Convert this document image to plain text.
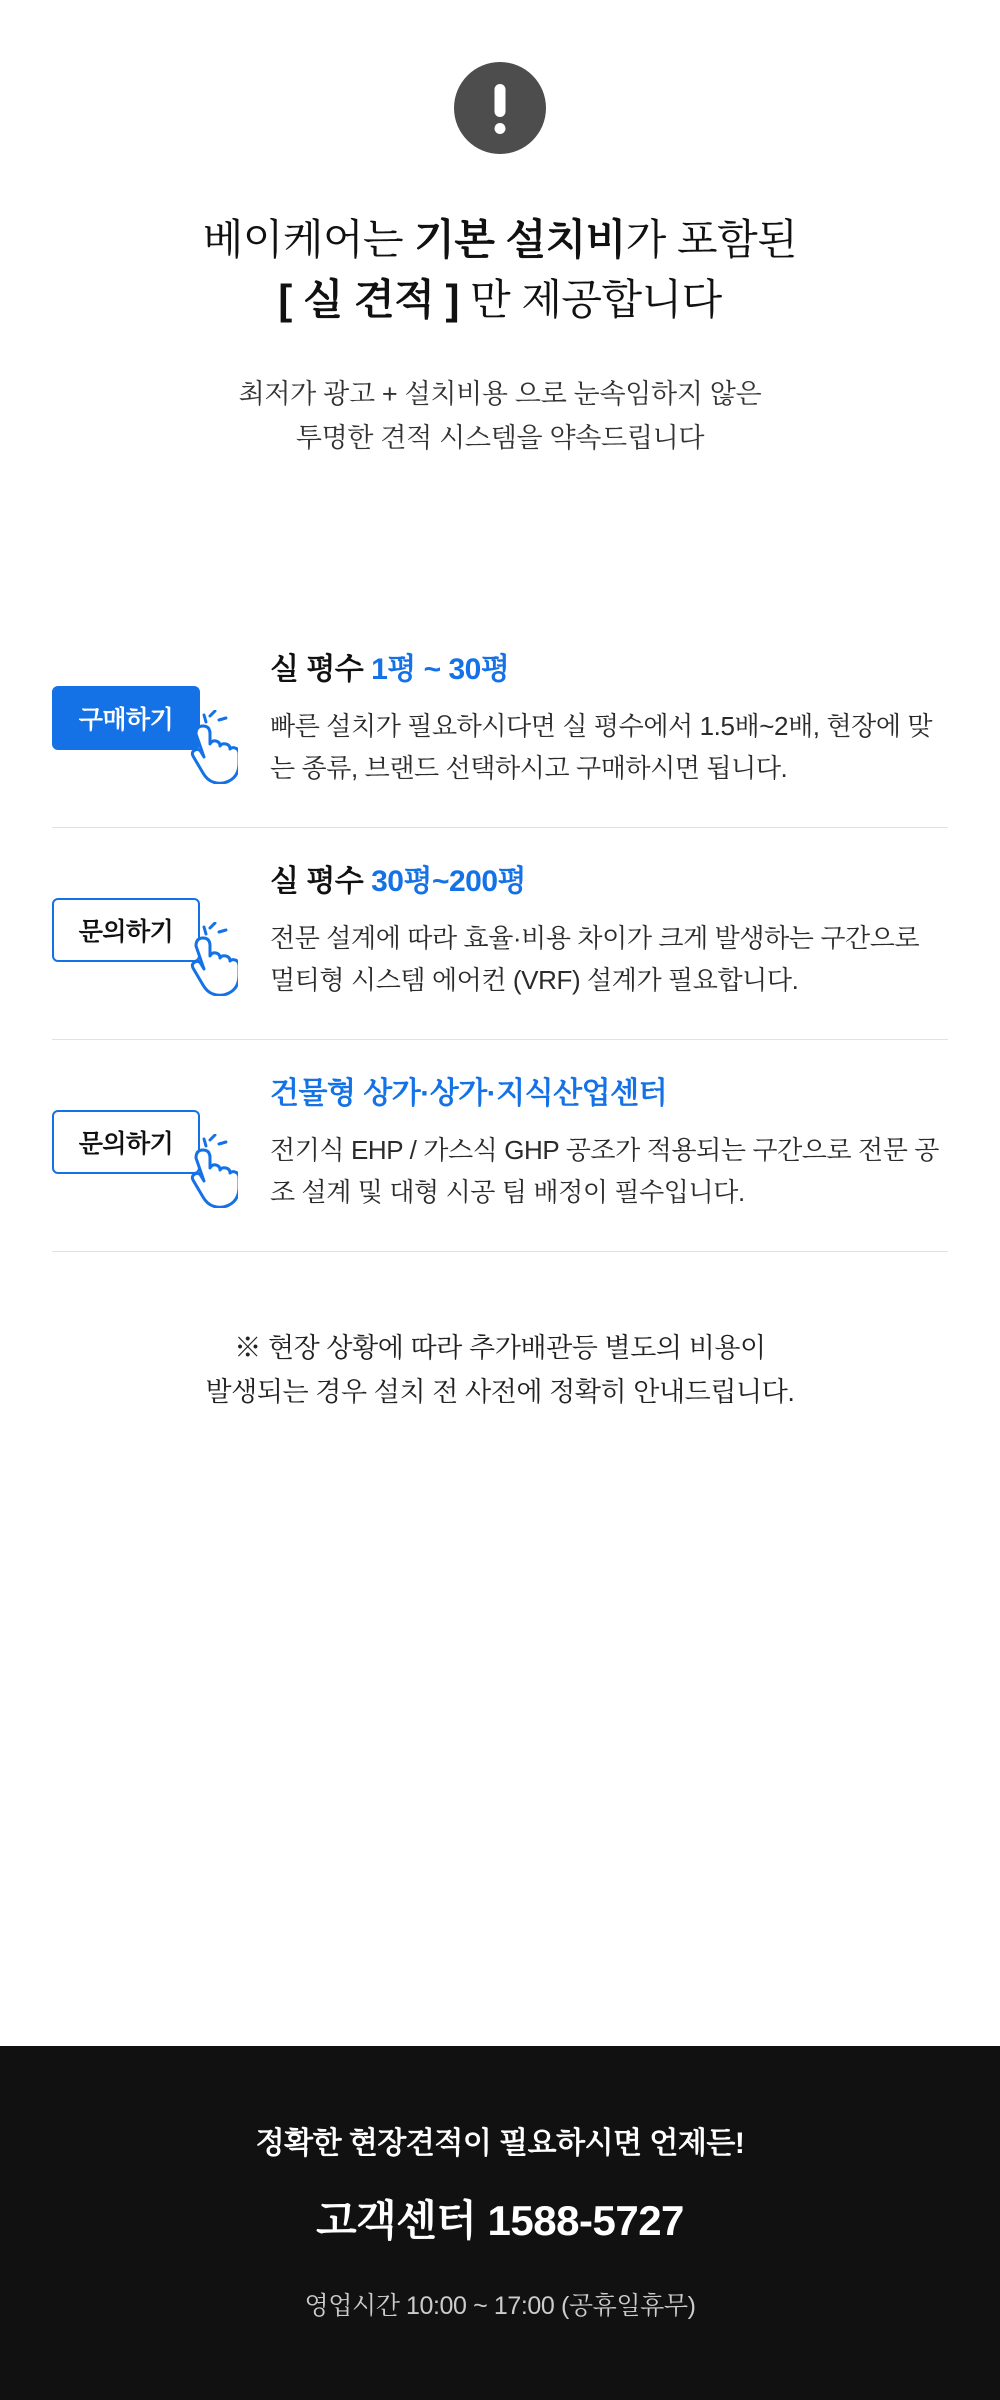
베이케어는 기본 설치비가 포함된
[ 실 견적 ] 만 제공합니다

최저가 광고 + 설치비용 으로 눈속임하지 않은
투명한 견적 시스템을 약속드립니다

구매하기
실 평수 1평 ~ 30평
빠른 설치가 필요하시다면 실 평수에서 1.5배~2배, 현장에 맞는 종류, 브랜드 선택하시고 구매하시면 됩니다.
문의하기
실 평수 30평~200평
전문 설계에 따라 효율·비용 차이가 크게 발생하는 구간으로 멀티형 시스템 에어컨 (VRF) 설계가 필요합니다.
문의하기
건물형 상가·상가·지식산업센터
전기식 EHP / 가스식 GHP 공조가 적용되는 구간으로 전문 공조 설계 및 대형 시공 팀 배정이 필수입니다.

※ 현장 상황에 따라 추가배관등 별도의 비용이
발생되는 경우 설치 전 사전에 정확히 안내드립니다.

정확한 현장견적이 필요하시면 언제든!
고객센터 1588-5727
영업시간 10:00 ~ 17:00 (공휴일휴무)
